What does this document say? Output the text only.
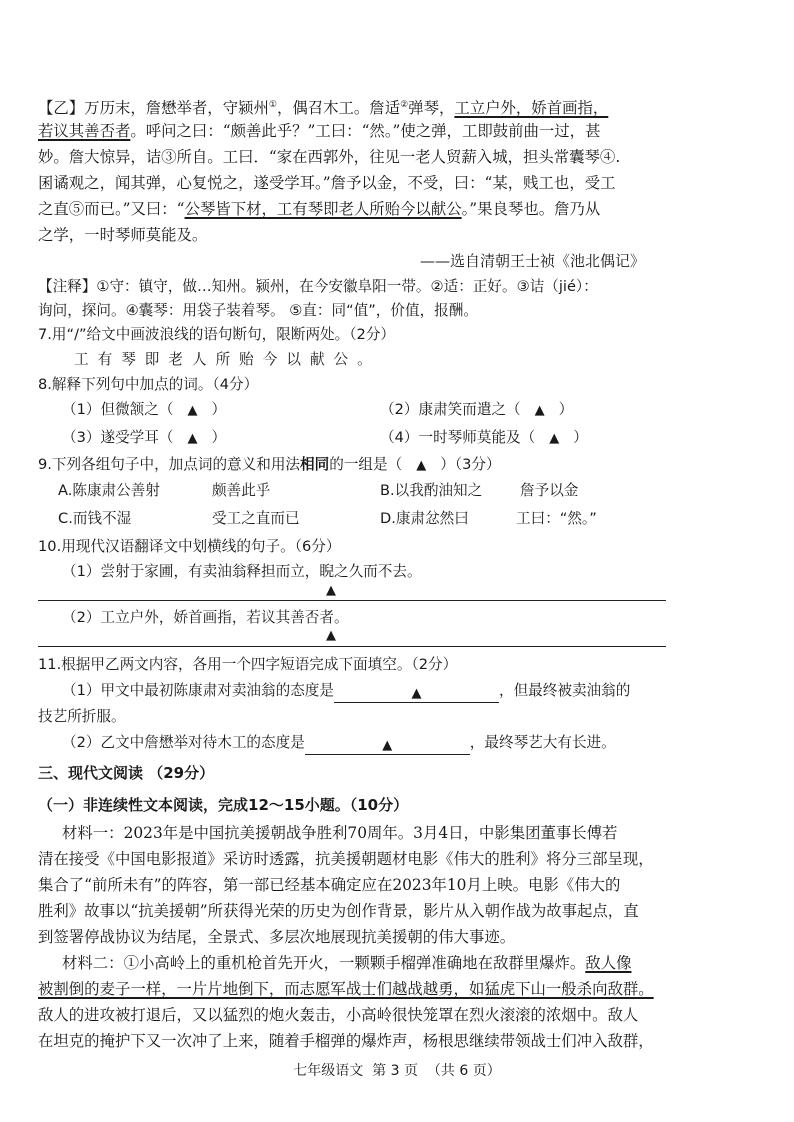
【乙】万历末，詹懋举者，守颍州①，偶召木工。詹适②弹琴，工立户外，娇首画指，
若议其善否者。呼问之曰：“颇善此乎？”工曰：“然。”使之弹，工即鼓前曲一过，甚
妙。詹大惊异，诘③所自。工曰．“家在西郭外，往见一老人贸薪入城，担头常囊琴④.
囷谲观之，闻其弹，心复悦之，遂受学耳。”詹予以金，不受，曰：“某，贱工也，受工
之直⑤而已。”又曰：“公琴皆下材，工有琴即老人所贻今以献公。”果良琴也。詹乃从
之学，一时琴师莫能及。
——选自清朝王士祯《池北偶记》
【注释】①守：镇守，做…知州。颍州，在今安徽阜阳一带。②适：正好。③诘（jié）：
询问，探问。④囊琴：用袋子装着琴。 ⑤直：同“值”，价值，报酬。
7.用“/”给文中画波浪线的语句断句，限断两处。（2分）
工有琴即老人所贻今以献公。
8.解释下列句中加点的词。（4分）
（1）但微颔之（ ▲ ）	（2）康肃笑而遣之（ ▲ ）
（3）遂受学耳（ ▲ ）	（4）一时琴师莫能及（ ▲ ）
9.下列各组句子中，加点词的意义和用法相同的一组是（ ▲ ）（3分）
A.陈康肃公善射	颇善此乎	B.以我酌油知之	詹予以金
C.而钱不湿	受工之直而已	D.康肃忿然曰	工曰：“然。”
10.用现代汉语翻译文中划横线的句子。（6分）
（1）尝射于家圃，有卖油翁释担而立，睨之久而不去。
▲
（2）工立户外，娇首画指，若议其善否者。
▲
11.根据甲乙两文内容，各用一个四字短语完成下面填空。（2分）
（1）甲文中最初陈康肃对卖油翁的态度是	▲	，但最终被卖油翁的
技艺所折服。
（2）乙文中詹懋举对待木工的态度是	▲	，最终琴艺大有长进。
三、现代文阅读 （29分）
（一）非连续性文本阅读，完成12～15小题。（10分）
材料一：2023年是中国抗美援朝战争胜利70周年。3月4日，中影集团董事长傅若
清在接受《中国电影报道》采访时透露，抗美援朝题材电影《伟大的胜利》将分三部呈现，
集合了“前所未有”的阵容，第一部已经基本确定应在2023年10月上映。电影《伟大的
胜利》故事以“抗美援朝”所获得光荣的历史为创作背景，影片从入朝作战为故事起点，直
到签署停战协议为结尾，全景式、多层次地展现抗美援朝的伟大事迹。
材料二：①小高岭上的重机枪首先开火，一颗颗手榴弹准确地在敌群里爆炸。敌人像
被割倒的麦子一样，一片片地倒下，而志愿军战士们越战越勇，如猛虎下山一般杀向敌群。
敌人的进攻被打退后，又以猛烈的炮火轰击，小高岭很快笼罩在烈火滚滚的浓烟中。敌人
在坦克的掩护下又一次冲了上来，随着手榴弹的爆炸声，杨根思继续带领战士们冲入敌群，
七年级语文  第 3 页  （共 6 页）
